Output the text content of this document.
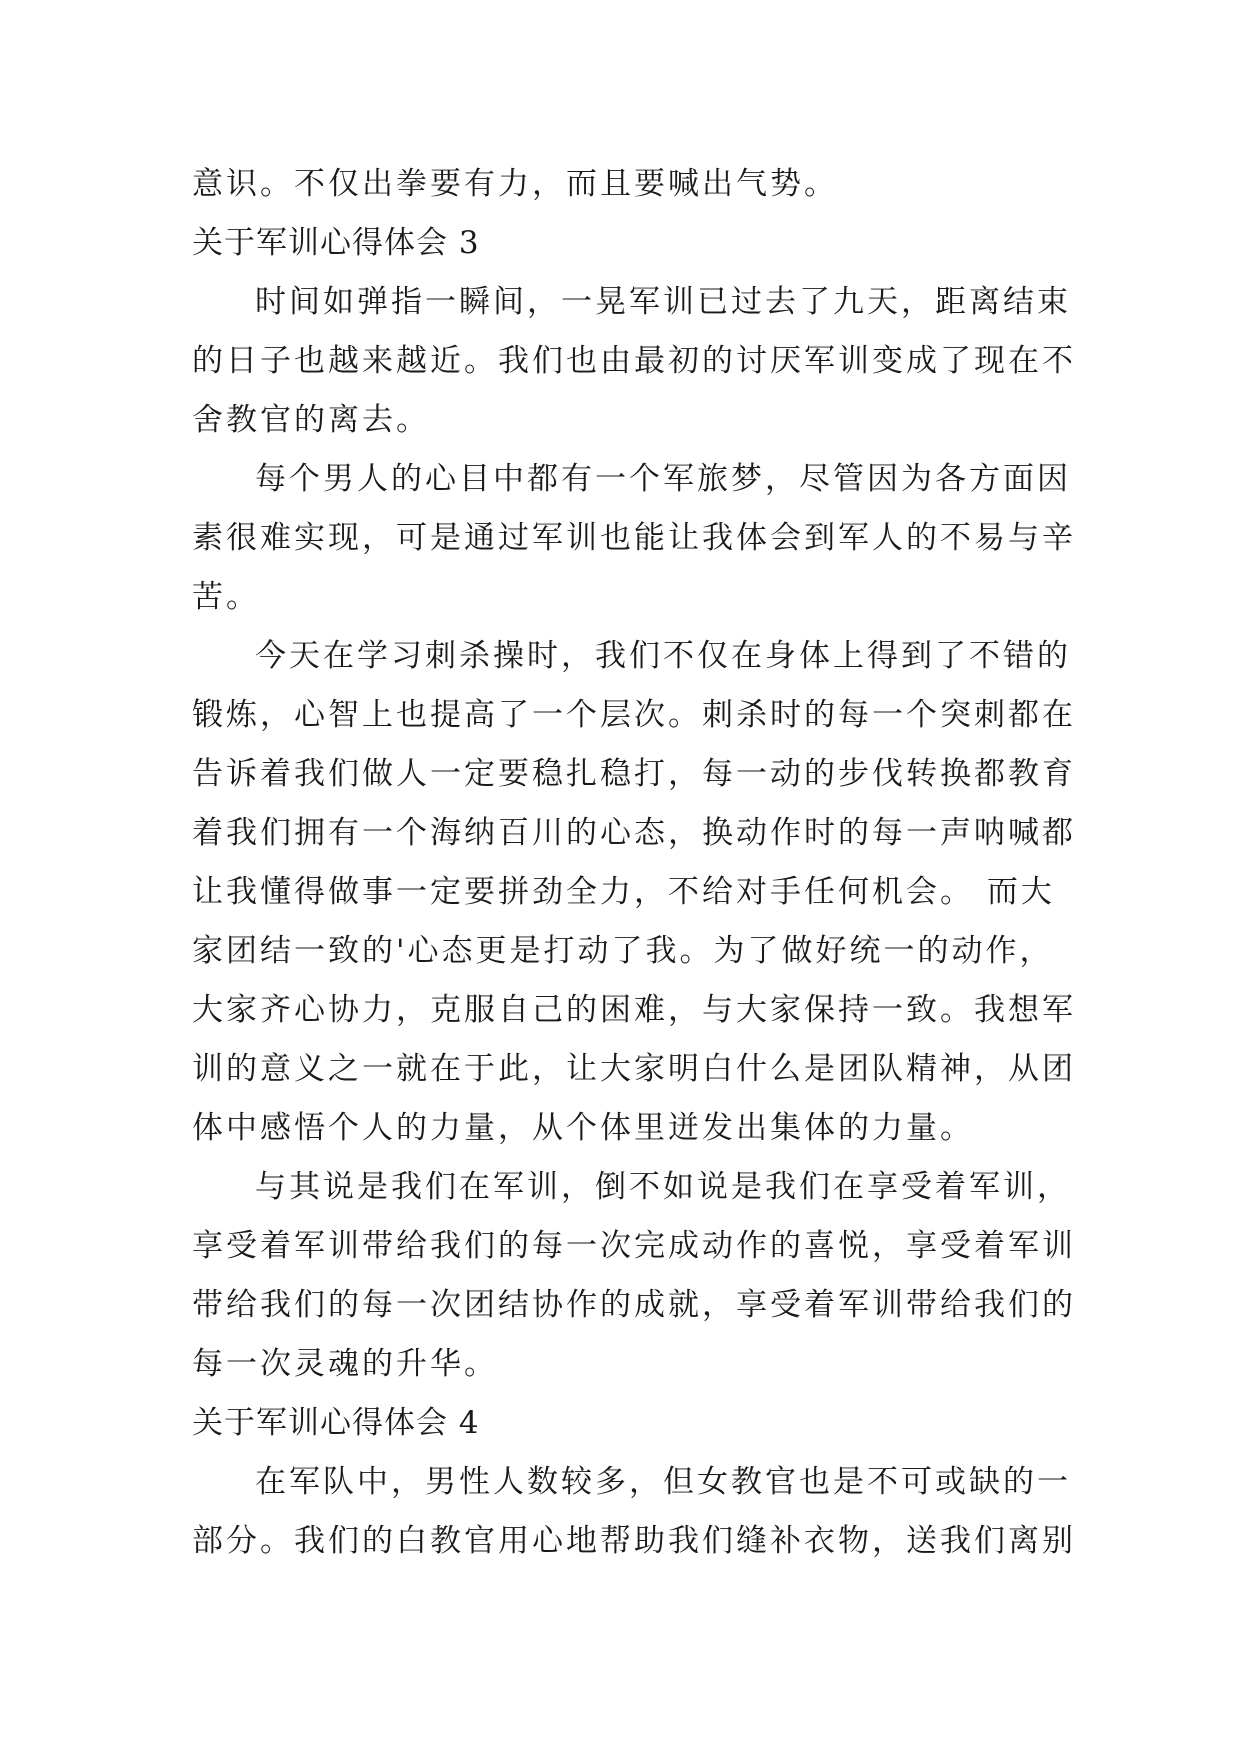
意识。不仅出拳要有力，而且要喊出气势。
关于军训心得体会 3
时间如弹指一瞬间，一晃军训已过去了九天，距离结束
的日子也越来越近。我们也由最初的讨厌军训变成了现在不
舍教官的离去。
每个男人的心目中都有一个军旅梦，尽管因为各方面因
素很难实现，可是通过军训也能让我体会到军人的不易与辛
苦。
今天在学习刺杀操时，我们不仅在身体上得到了不错的
锻炼，心智上也提高了一个层次。刺杀时的每一个突刺都在
告诉着我们做人一定要稳扎稳打，每一动的步伐转换都教育
着我们拥有一个海纳百川的心态，换动作时的每一声呐喊都
让我懂得做事一定要拼劲全力，不给对手任何机会。 而大
家团结一致的'心态更是打动了我。为了做好统一的动作，
大家齐心协力，克服自己的困难，与大家保持一致。我想军
训的意义之一就在于此，让大家明白什么是团队精神，从团
体中感悟个人的力量，从个体里迸发出集体的力量。
与其说是我们在军训，倒不如说是我们在享受着军训，
享受着军训带给我们的每一次完成动作的喜悦，享受着军训
带给我们的每一次团结协作的成就，享受着军训带给我们的
每一次灵魂的升华。
关于军训心得体会 4
在军队中，男性人数较多，但女教官也是不可或缺的一
部分。我们的白教官用心地帮助我们缝补衣物，送我们离别
